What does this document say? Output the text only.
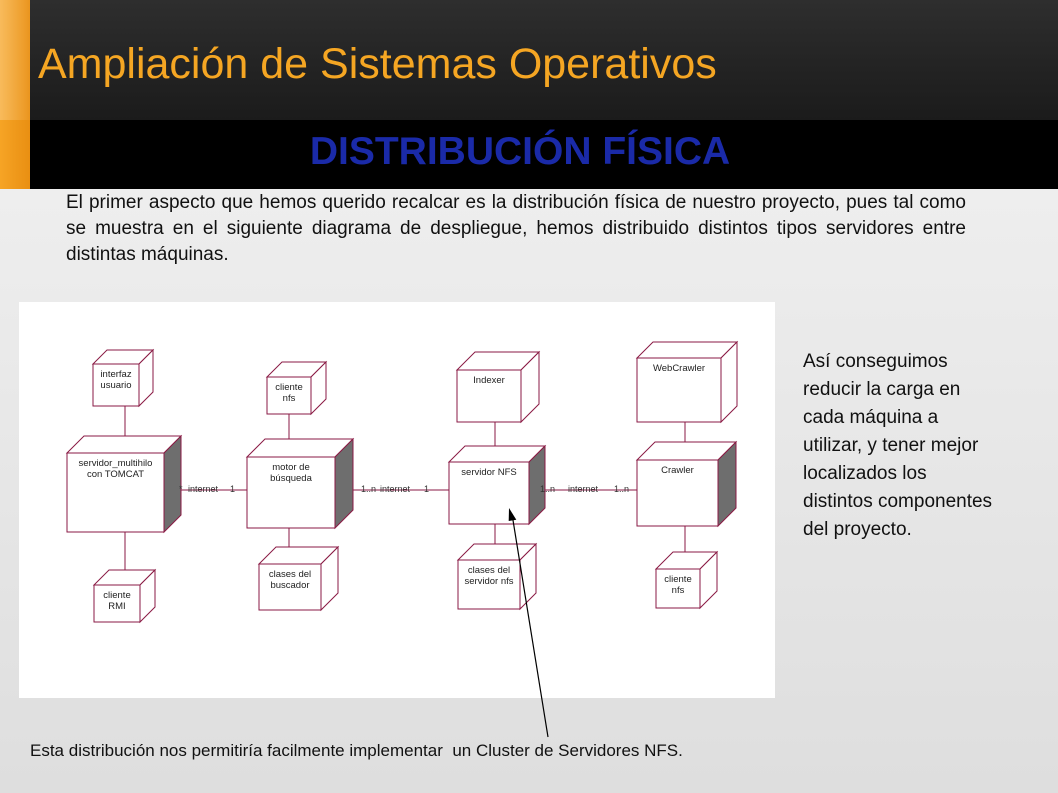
Ampliación de Sistemas Operativos
DISTRIBUCIÓN FÍSICA

El primer aspecto que hemos querido recalcar es la distribución física de nuestro proyecto, pues tal como se muestra en el siguiente diagrama de despliegue, hemos distribuido distintos tipos servidores entre distintas máquinas.

interfaz
usuario
servidor_multihilo
con TOMCAT
cliente
RMI
cliente
nfs
motor de
búsqueda
clases del
buscador
Indexer
servidor NFS
clases del
servidor nfs
WebCrawler
Crawler
cliente
nfs
* internet 1	1..n internet 1	1..n internet 1..n

Así conseguimos reducir la carga en cada máquina a utilizar, y tener mejor localizados los distintos componentes del proyecto.

Esta distribución nos permitiría facilmente implementar  un Cluster de Servidores NFS.
